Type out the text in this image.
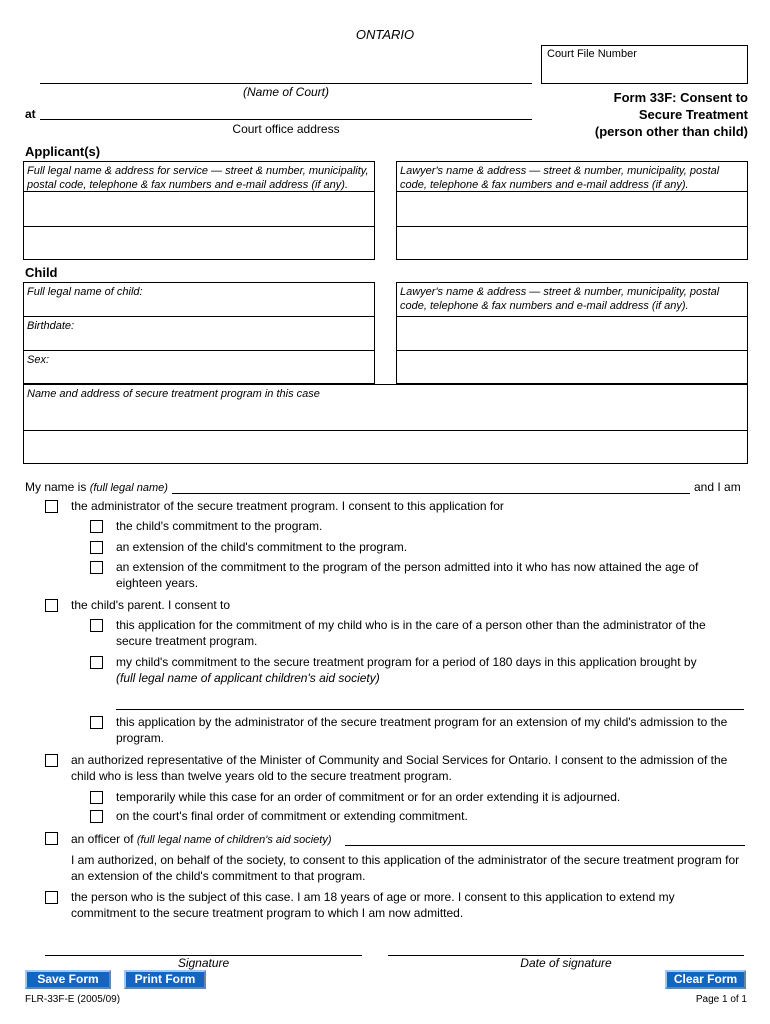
ONTARIO
Court File Number
(Name of Court)
at
Court office address
Form 33F: Consent to
Secure Treatment
(person other than child)
Applicant(s)
Full legal name & address for service — street & number, municipality, postal code, telephone & fax numbers and e-mail address (if any).
Lawyer's name & address — street & number, municipality, postal code, telephone & fax numbers and e-mail address (if any).
Child
Full legal name of child:
Birthdate:
Sex:
Lawyer's name & address — street & number, municipality, postal code, telephone & fax numbers and e-mail address (if any).
Name and address of secure treatment program in this case
My name is (full legal name)	and I am
the administrator of the secure treatment program. I consent to this application for
the child's commitment to the program.
an extension of the child's commitment to the program.
an extension of the commitment to the program of the person admitted into it who has now attained the age of eighteen years.
the child's parent. I consent to
this application for the commitment of my child who is in the care of a person other than the administrator of the secure treatment program.
my child's commitment to the secure treatment program for a period of 180 days in this application brought by
(full legal name of applicant children's aid society)
this application by the administrator of the secure treatment program for an extension of my child's admission to the program.
an authorized representative of the Minister of Community and Social Services for Ontario. I consent to the admission of the child who is less than twelve years old to the secure treatment program.
temporarily while this case for an order of commitment or for an order extending it is adjourned.
on the court's final order of commitment or extending commitment.
an officer of (full legal name of children's aid society)
I am authorized, on behalf of the society, to consent to this application of the administrator of the secure treatment program for an extension of the child's commitment to that program.
the person who is the subject of this case. I am 18 years of age or more. I consent to this application to extend my commitment to the secure treatment program to which I am now admitted.
Signature	Date of signature
Save Form	Print Form	Clear Form
FLR-33F-E (2005/09)	Page 1 of 1
